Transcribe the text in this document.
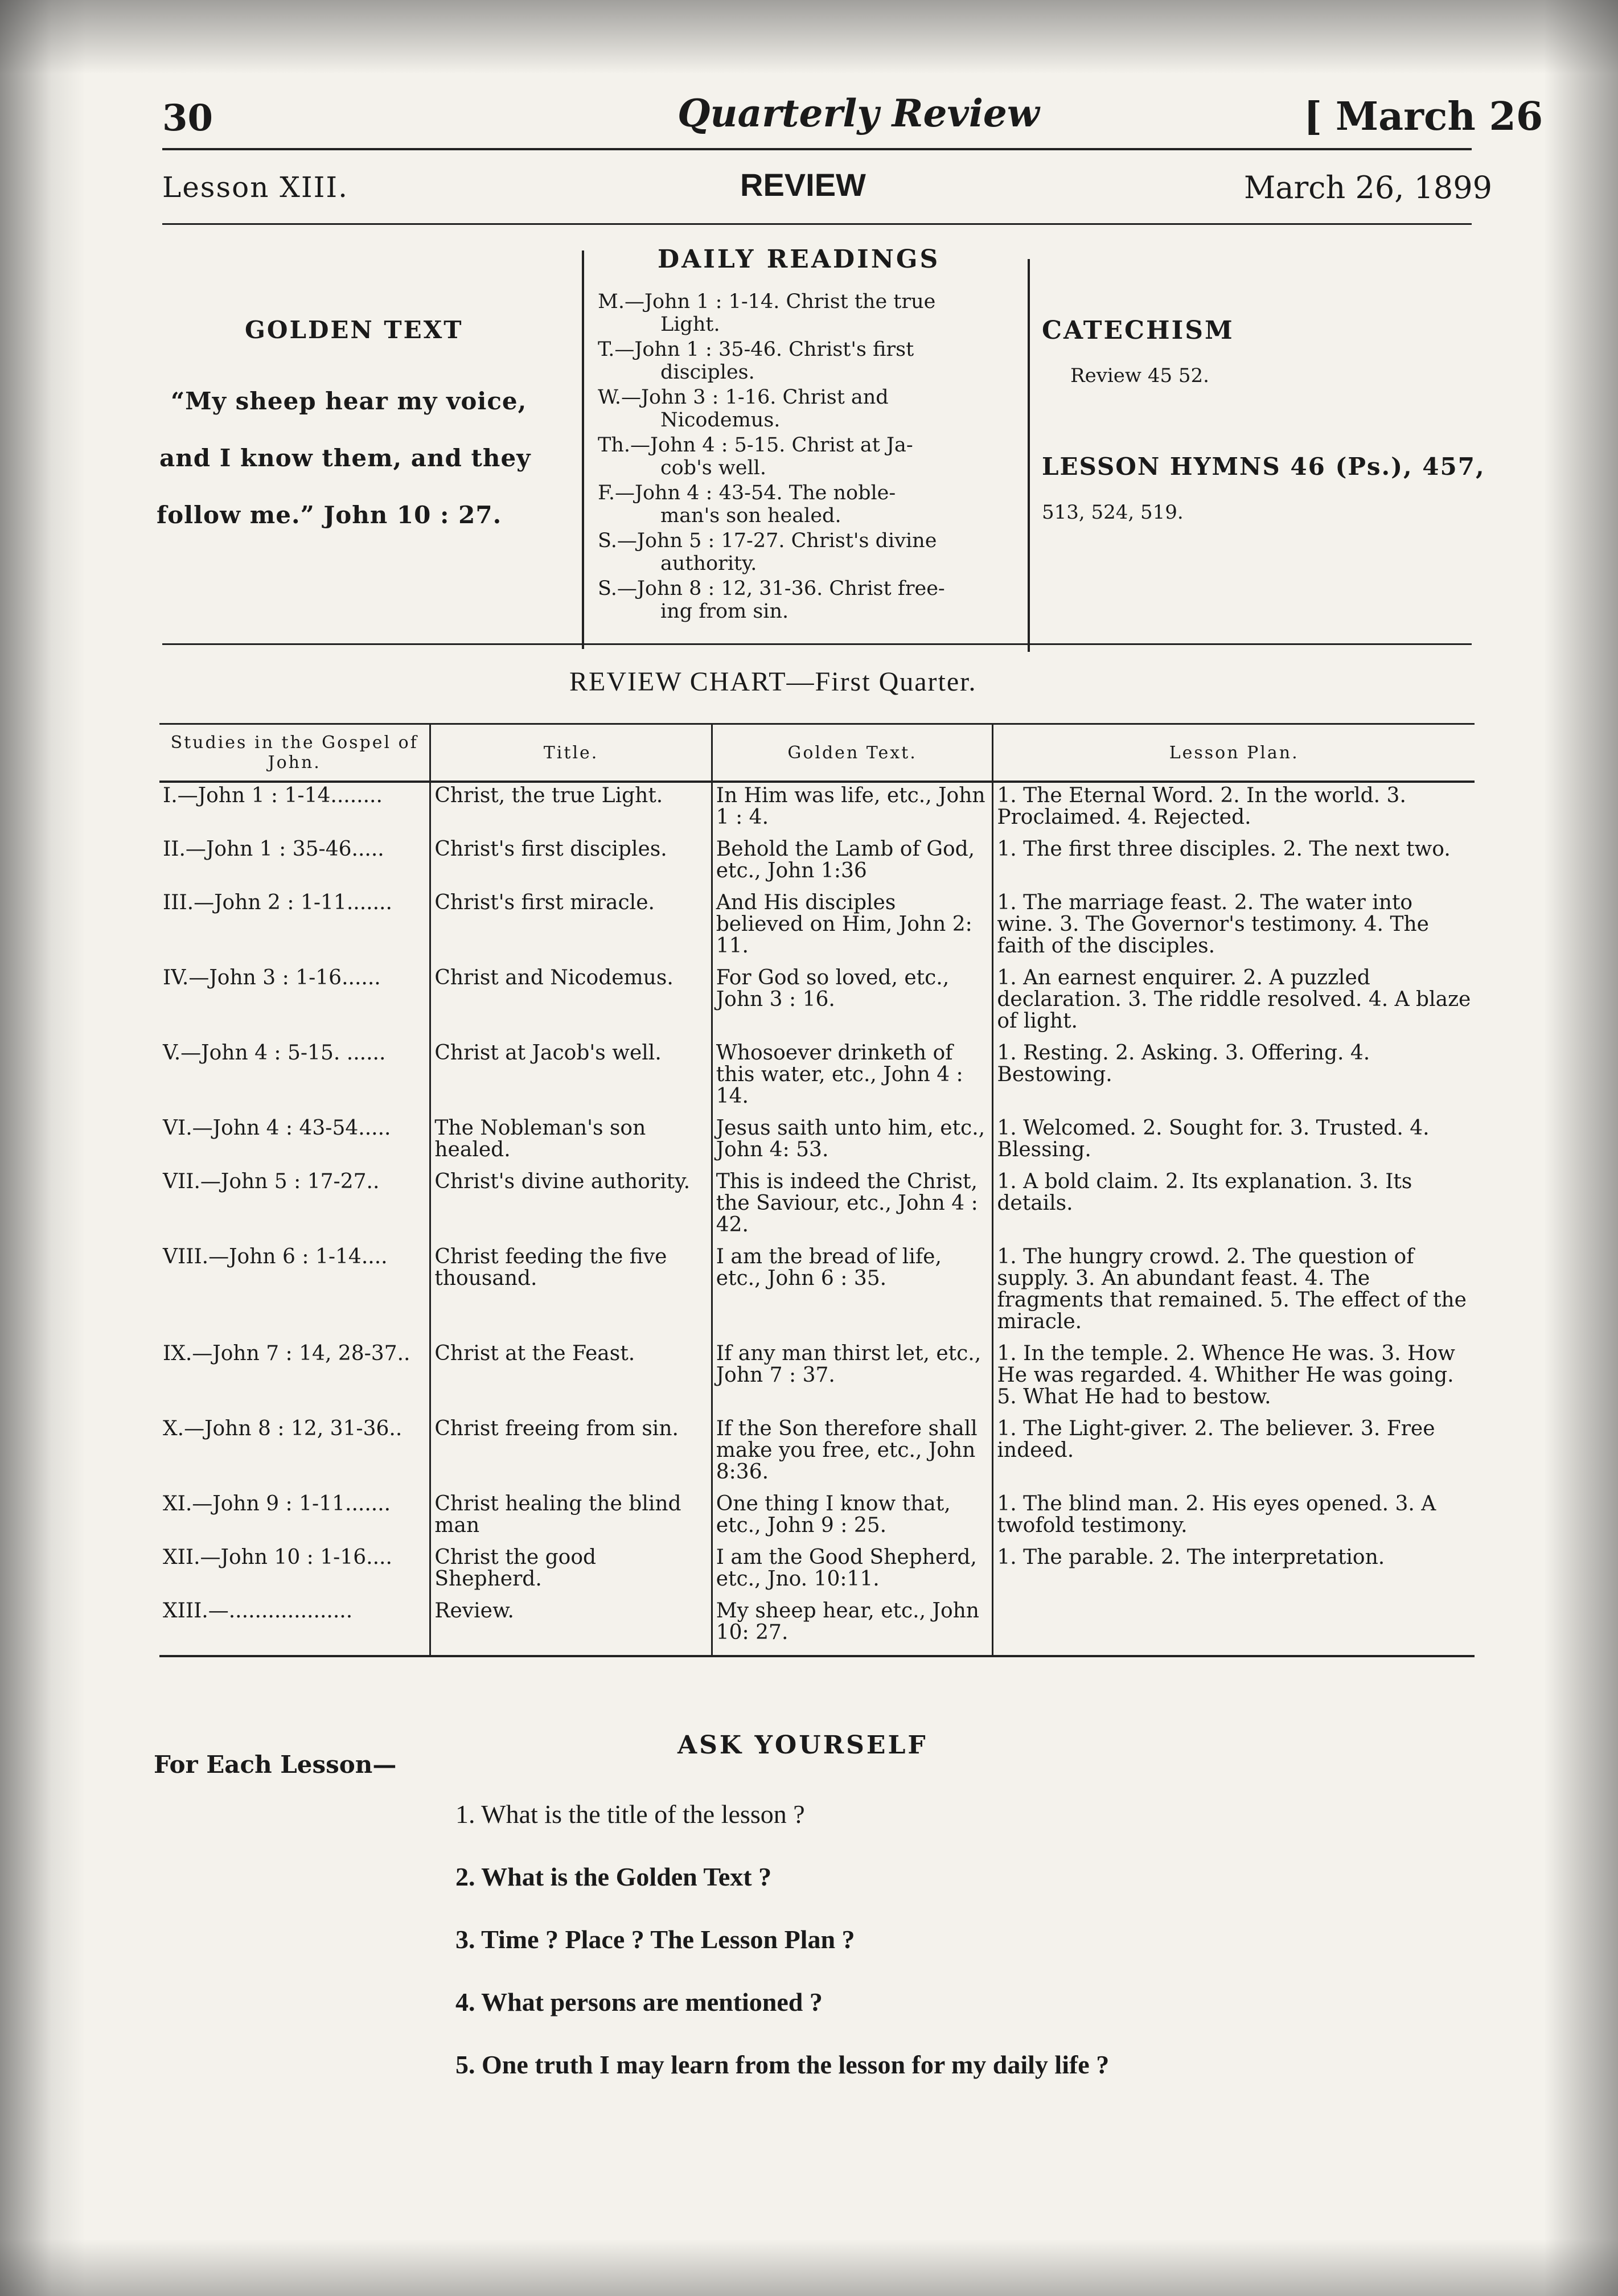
30	Quarterly Review	[ March 26
Lesson XIII.	REVIEW	March 26, 1899
GOLDEN TEXT
“My sheep hear my voice,
and I know them, and they
follow me.” John 10 : 27.
DAILY READINGS
M.—John 1 : 1-14. Christ the true
Light.
T.—John 1 : 35-46. Christ's first
disciples.
W.—John 3 : 1-16. Christ and
Nicodemus.
Th.—John 4 : 5-15. Christ at Ja-
cob's well.
F.—John 4 : 43-54. The noble-
man's son healed.
S.—John 5 : 17-27. Christ's divine
authority.
S.—John 8 : 12, 31-36. Christ free-
ing from sin.
CATECHISM
Review 45 52.
LESSON HYMNS 46 (Ps.), 457,
513, 524, 519.
REVIEW CHART—First Quarter.
Studies in the Gospel of John.	Title.	Golden Text.	Lesson Plan.
I.—John 1 : 1-14........	Christ, the true Light.	In Him was life, etc., John 1 : 4.	1. The Eternal Word. 2. In the world. 3. Proclaimed. 4. Rejected.
II.—John 1 : 35-46.....	Christ's first disciples.	Behold the Lamb of God, etc., John 1:36	1. The first three disciples. 2. The next two.
III.—John 2 : 1-11.......	Christ's first miracle.	And His disciples believed on Him, John 2: 11.	1. The marriage feast. 2. The water into wine. 3. The Governor's testimony. 4. The faith of the disciples.
IV.—John 3 : 1-16......	Christ and Nicodemus.	For God so loved, etc., John 3 : 16.	1. An earnest enquirer. 2. A puzzled declaration. 3. The riddle resolved. 4. A blaze of light.
V.—John 4 : 5-15. ......	Christ at Jacob's well.	Whosoever drinketh of this water, etc., John 4 : 14.	1. Resting. 2. Asking. 3. Offering. 4. Bestowing.
VI.—John 4 : 43-54.....	The Nobleman's son healed.	Jesus saith unto him, etc., John 4: 53.	1. Welcomed. 2. Sought for. 3. Trusted. 4. Blessing.
VII.—John 5 : 17-27..	Christ's divine authority.	This is indeed the Christ, the Saviour, etc., John 4 : 42.	1. A bold claim. 2. Its explanation. 3. Its details.
VIII.—John 6 : 1-14....	Christ feeding the five thousand.	I am the bread of life, etc., John 6 : 35.	1. The hungry crowd. 2. The question of supply. 3. An abundant feast. 4. The fragments that remained. 5. The effect of the miracle.
IX.—John 7 : 14, 28-37..	Christ at the Feast.	If any man thirst let, etc., John 7 : 37.	1. In the temple. 2. Whence He was. 3. How He was regarded. 4. Whither He was going. 5. What He had to bestow.
X.—John 8 : 12, 31-36..	Christ freeing from sin.	If the Son therefore shall make you free, etc., John 8:36.	1. The Light-giver. 2. The believer. 3. Free indeed.
XI.—John 9 : 1-11.......	Christ healing the blind man	One thing I know that, etc., John 9 : 25.	1. The blind man. 2. His eyes opened. 3. A twofold testimony.
XII.—John 10 : 1-16....	Christ the good Shepherd.	I am the Good Shepherd, etc., Jno. 10:11.	1. The parable. 2. The interpretation.
XIII.—...................	Review.	My sheep hear, etc., John 10: 27.	
For Each Lesson—
ASK YOURSELF
1. What is the title of the lesson ?
2. What is the Golden Text ?
3. Time ? Place ? The Lesson Plan ?
4. What persons are mentioned ?
5. One truth I may learn from the lesson for my daily life ?
